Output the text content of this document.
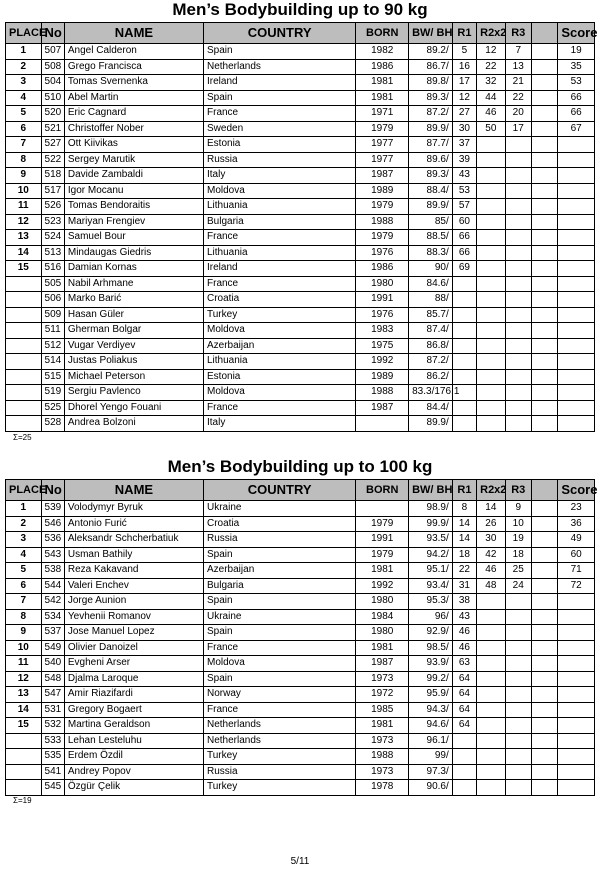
Men’s Bodybuilding up to 90 kg
PLACE	No	NAME	COUNTRY	BORN	BW/ BH	R1	R2x2	R3		Score
1	507	Angel Calderon	Spain	1982	89.2/	5	12	7		19
2	508	Grego Francisca	Netherlands	1986	86.7/	16	22	13		35
3	504	Tomas Svernenka	Ireland	1981	89.8/	17	32	21		53
4	510	Abel Martin	Spain	1981	89.3/	12	44	22		66
5	520	Eric Cagnard	France	1971	87.2/	27	46	20		66
6	521	Christoffer Nober	Sweden	1979	89.9/	30	50	17		67
7	527	Ott Kiivikas	Estonia	1977	87.7/	37				
8	522	Sergey Marutik	Russia	1977	89.6/	39				
9	518	Davide Zambaldi	Italy	1987	89.3/	43				
10	517	Igor Mocanu	Moldova	1989	88.4/	53				
11	526	Tomas Bendoraitis	Lithuania	1979	89.9/	57				
12	523	Mariyan Frengiev	Bulgaria	1988	85/	60				
13	524	Samuel Bour	France	1979	88.5/	66				
14	513	Mindaugas Giedris	Lithuania	1976	88.3/	66				
15	516	Damian Kornas	Ireland	1986	90/	69				
	505	Nabil Arhmane	France	1980	84.6/					
	506	Marko Barić	Croatia	1991	88/					
	509	Hasan Güler	Turkey	1976	85.7/					
	511	Gherman Bolgar	Moldova	1983	87.4/					
	512	Vugar Verdiyev	Azerbaijan	1975	86.8/					
	514	Justas Poliakus	Lithuania	1992	87.2/					
	515	Michael Peterson	Estonia	1989	86.2/					
	519	Sergiu Pavlenco	Moldova	1988	83.3/176.1					
	525	Dhorel Yengo Fouani	France	1987	84.4/					
	528	Andrea Bolzoni	Italy		89.9/					
Σ=25
Men’s Bodybuilding up to 100 kg
PLACE	No	NAME	COUNTRY	BORN	BW/ BH	R1	R2x2	R3		Score
1	539	Volodymyr Byruk	Ukraine		98.9/	8	14	9		23
2	546	Antonio Furić	Croatia	1979	99.9/	14	26	10		36
3	536	Aleksandr Schcherbatiuk	Russia	1991	93.5/	14	30	19		49
4	543	Usman Bathily	Spain	1979	94.2/	18	42	18		60
5	538	Reza Kakavand	Azerbaijan	1981	95.1/	22	46	25		71
6	544	Valeri Enchev	Bulgaria	1992	93.4/	31	48	24		72
7	542	Jorge Aunion	Spain	1980	95.3/	38				
8	534	Yevhenii Romanov	Ukraine	1984	96/	43				
9	537	Jose Manuel Lopez	Spain	1980	92.9/	46				
10	549	Olivier Danoizel	France	1981	98.5/	46				
11	540	Evgheni Arser	Moldova	1987	93.9/	63				
12	548	Djalma Laroque	Spain	1973	99.2/	64				
13	547	Amir Riazifardi	Norway	1972	95.9/	64				
14	531	Gregory Bogaert	France	1985	94.3/	64				
15	532	Martina Geraldson	Netherlands	1981	94.6/	64				
	533	Lehan Lesteluhu	Netherlands	1973	96.1/					
	535	Erdem Özdil	Turkey	1988	99/					
	541	Andrey Popov	Russia	1973	97.3/					
	545	Özgür Çelik	Turkey	1978	90.6/					
Σ=19
5/11
